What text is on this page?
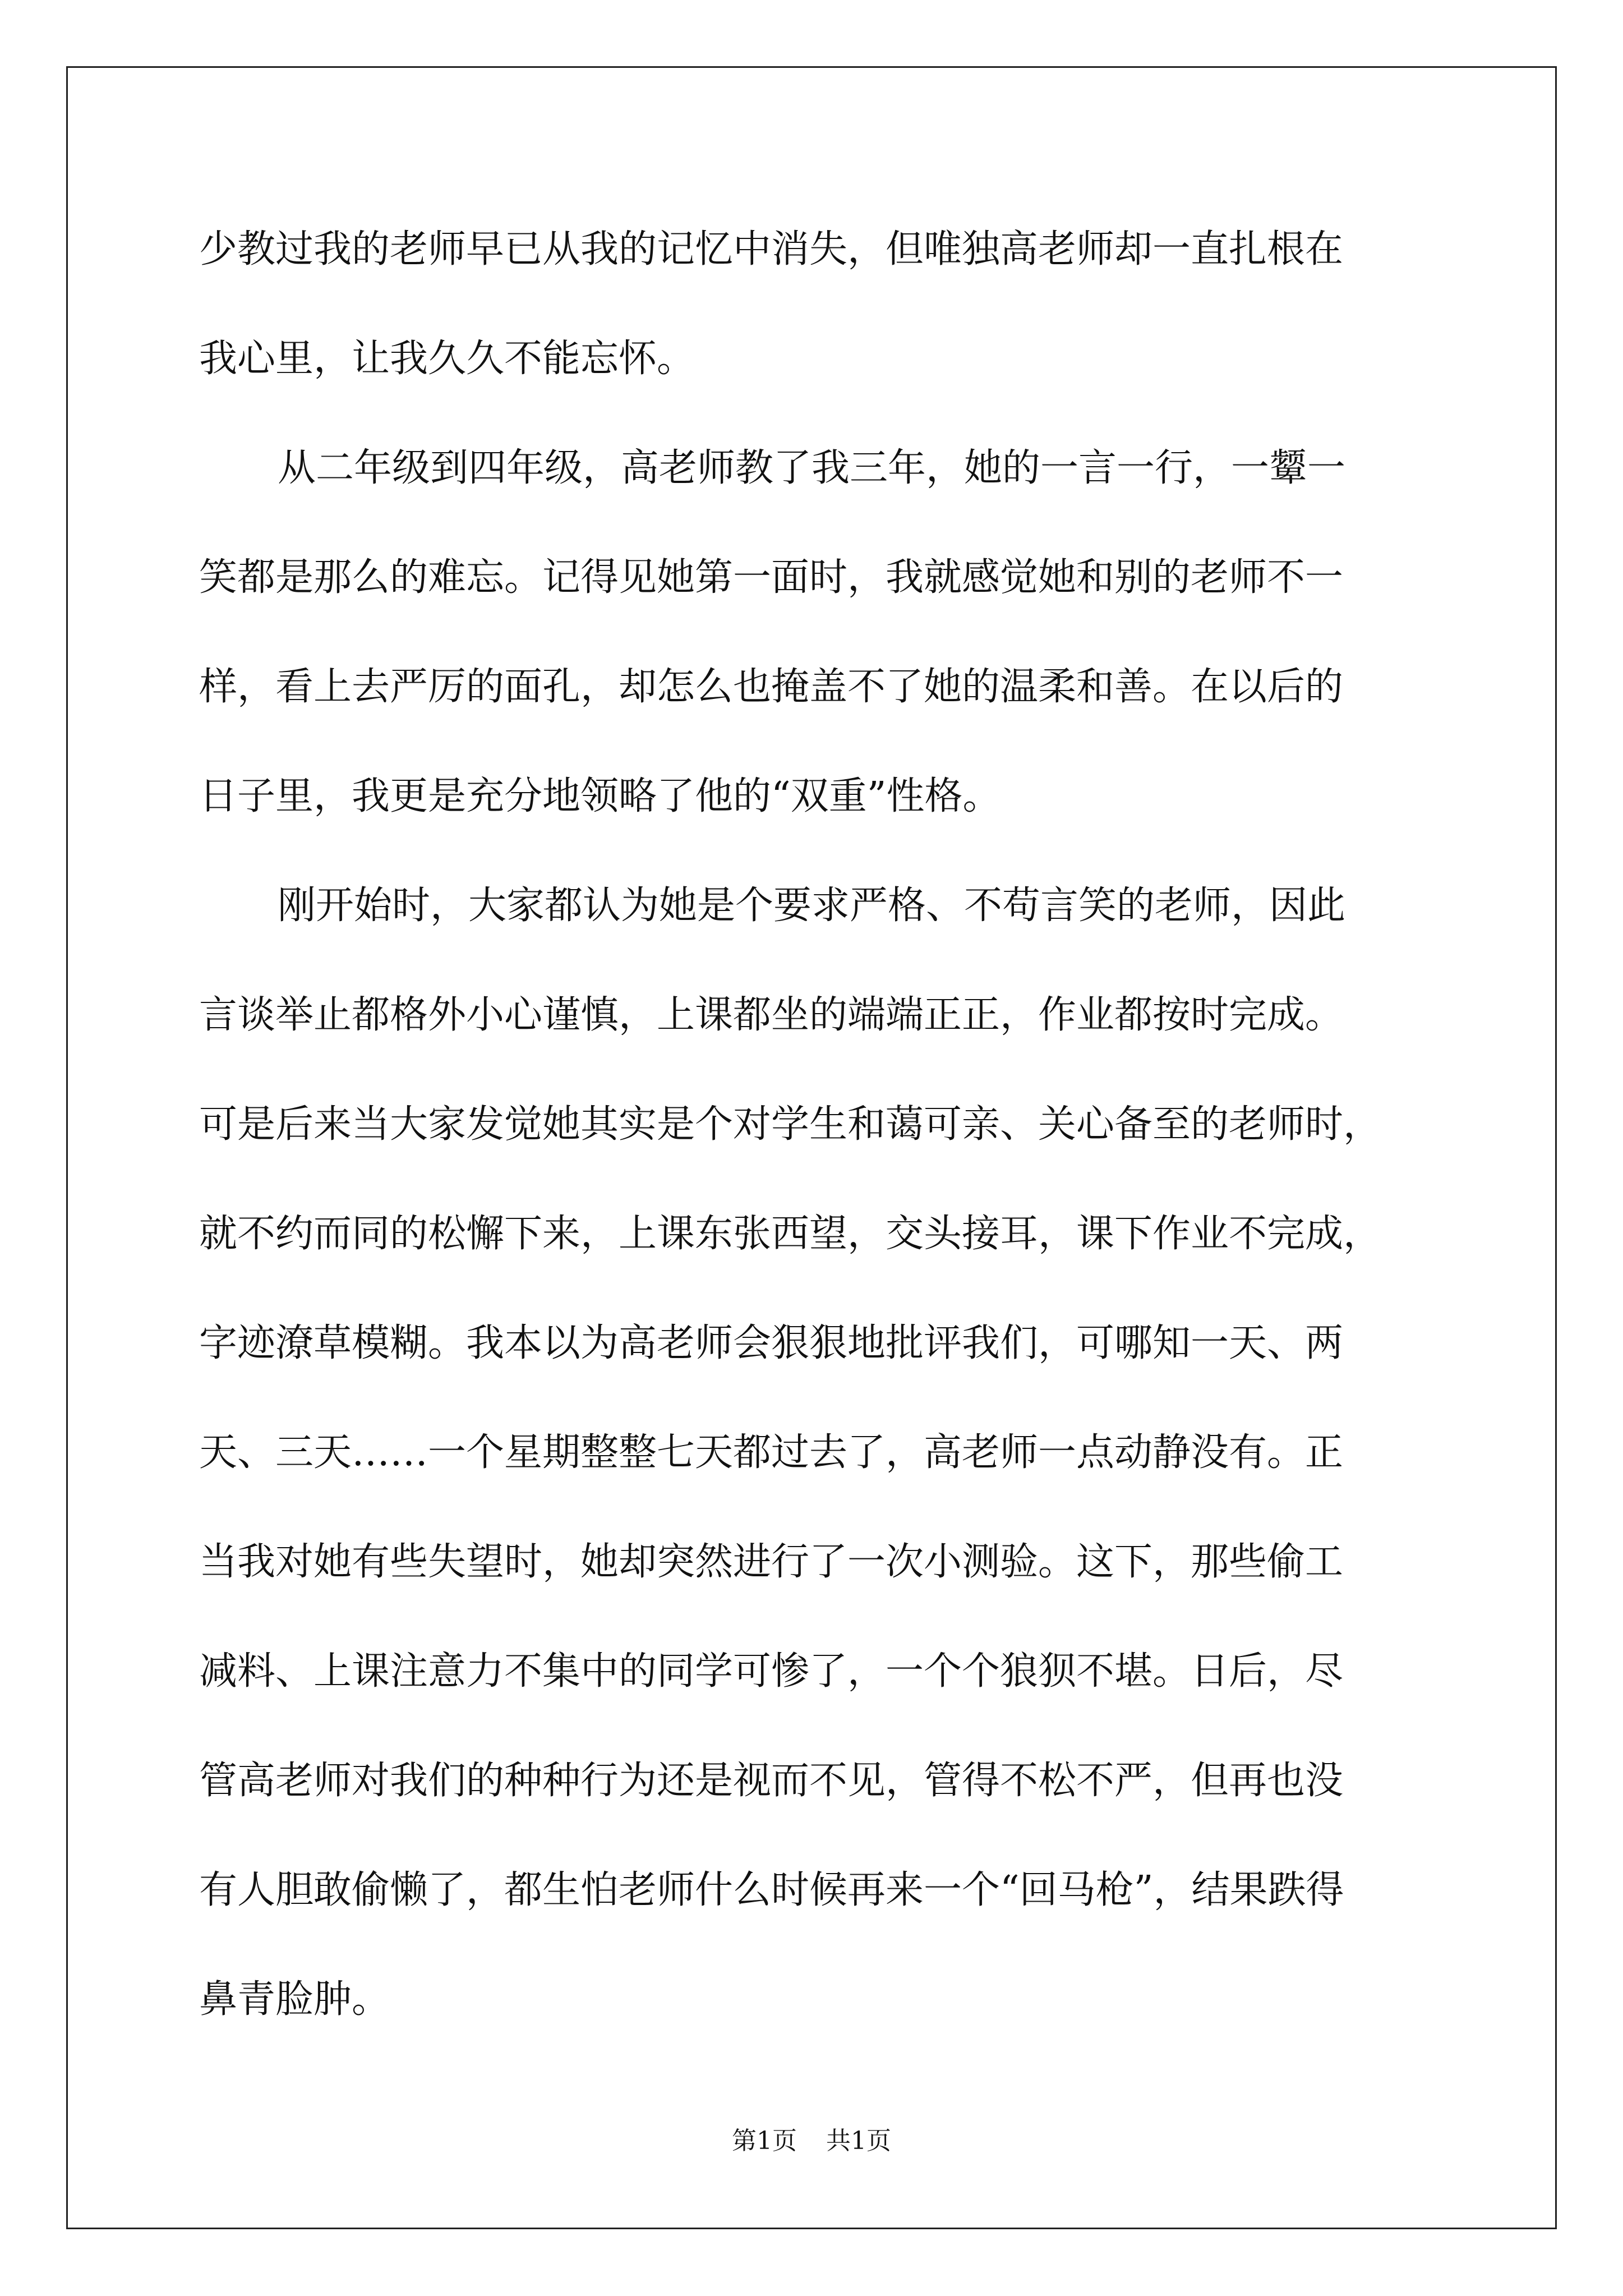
少教过我的老师早已从我的记忆中消失，但唯独高老师却一直扎根在
我心里，让我久久不能忘怀。
从二年级到四年级，高老师教了我三年，她的一言一行，一颦一
笑都是那么的难忘。记得见她第一面时，我就感觉她和别的老师不一
样，看上去严厉的面孔，却怎么也掩盖不了她的温柔和善。在以后的
日子里，我更是充分地领略了他的“双重”性格。
刚开始时，大家都认为她是个要求严格、不苟言笑的老师，因此
言谈举止都格外小心谨慎，上课都坐的端端正正，作业都按时完成。
可是后来当大家发觉她其实是个对学生和蔼可亲、关心备至的老师时，
就不约而同的松懈下来，上课东张西望，交头接耳，课下作业不完成，
字迹潦草模糊。我本以为高老师会狠狠地批评我们，可哪知一天、两
天、三天……一个星期整整七天都过去了，高老师一点动静没有。正
当我对她有些失望时，她却突然进行了一次小测验。这下，那些偷工
减料、上课注意力不集中的同学可惨了，一个个狼狈不堪。日后，尽
管高老师对我们的种种行为还是视而不见，管得不松不严，但再也没
有人胆敢偷懒了，都生怕老师什么时候再来一个“回马枪”，结果跌得
鼻青脸肿。
第1页 共1页
